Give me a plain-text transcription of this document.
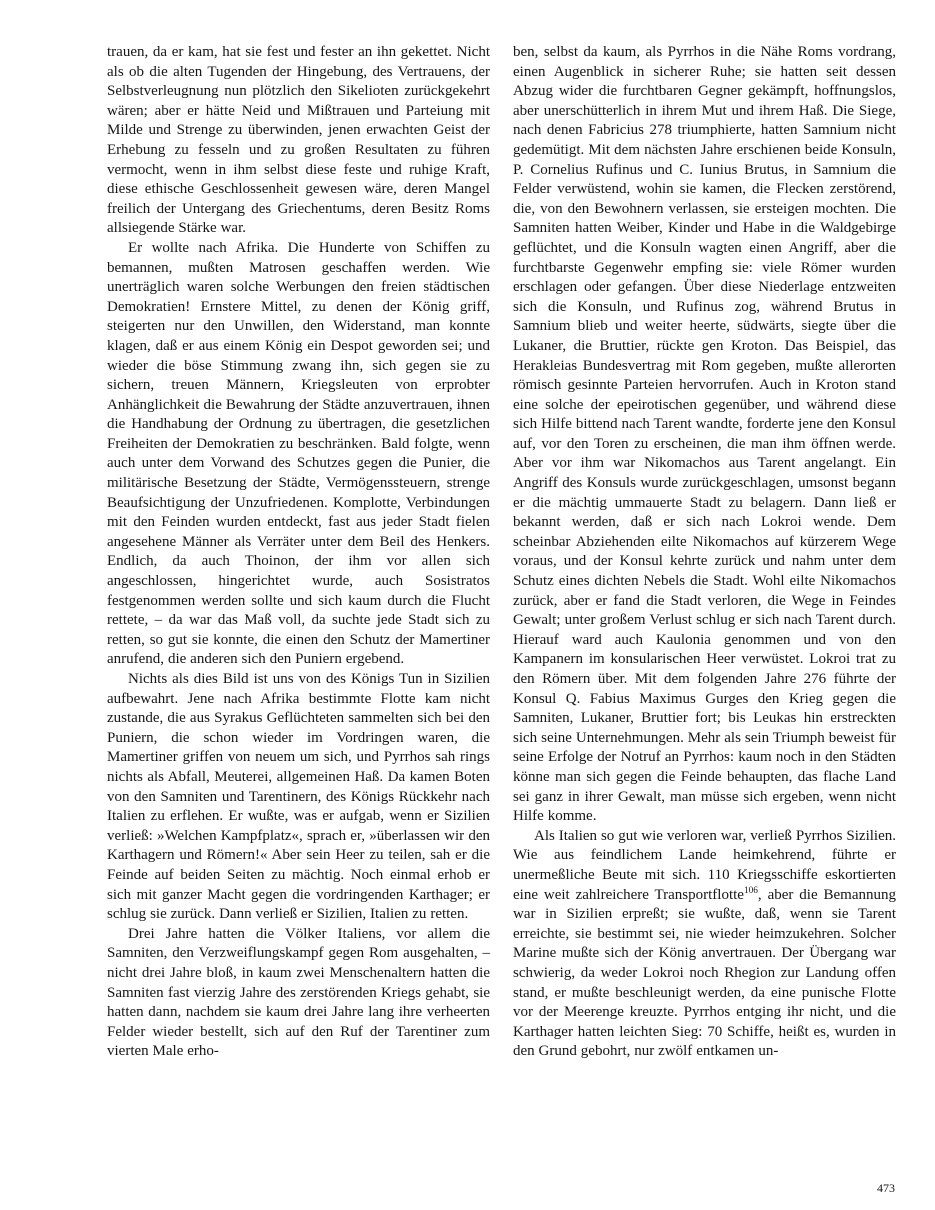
trauen, da er kam, hat sie fest und fester an ihn gekettet. Nicht als ob die alten Tugenden der Hingebung, des Vertrauens, der Selbstverleugnung nun plötzlich den Sikelioten zurückgekehrt wären; aber er hätte Neid und Mißtrauen und Parteiung mit Milde und Strenge zu überwinden, jenen erwachten Geist der Erhebung zu fesseln und zu großen Resultaten zu führen vermocht, wenn in ihm selbst diese feste und ruhige Kraft, diese ethische Geschlossenheit gewesen wäre, deren Mangel freilich der Untergang des Griechentums, deren Besitz Roms allsiegende Stärke war.

Er wollte nach Afrika. Die Hunderte von Schiffen zu bemannen, mußten Matrosen geschaffen werden. Wie unerträglich waren solche Werbungen den freien städtischen Demokratien! Ernstere Mittel, zu denen der König griff, steigerten nur den Unwillen, den Widerstand, man konnte klagen, daß er aus einem König ein Despot geworden sei; und wieder die böse Stimmung zwang ihn, sich gegen sie zu sichern, treuen Männern, Kriegsleuten von erprobter Anhänglichkeit die Bewahrung der Städte anzuvertrauen, ihnen die Handhabung der Ordnung zu übertragen, die gesetzlichen Freiheiten der Demokratien zu beschränken. Bald folgte, wenn auch unter dem Vorwand des Schutzes gegen die Punier, die militärische Besetzung der Städte, Vermögenssteuern, strenge Beaufsichtigung der Unzufriedenen. Komplotte, Verbindungen mit den Feinden wurden entdeckt, fast aus jeder Stadt fielen angesehene Männer als Verräter unter dem Beil des Henkers. Endlich, da auch Thoinon, der ihm vor allen sich angeschlossen, hingerichtet wurde, auch Sosistratos festgenommen werden sollte und sich kaum durch die Flucht rettete, – da war das Maß voll, da suchte jede Stadt sich zu retten, so gut sie konnte, die einen den Schutz der Mamertiner anrufend, die anderen sich den Puniern ergebend.

Nichts als dies Bild ist uns von des Königs Tun in Sizilien aufbewahrt. Jene nach Afrika bestimmte Flotte kam nicht zustande, die aus Syrakus Geflüchteten sammelten sich bei den Puniern, die schon wieder im Vordringen waren, die Mamertiner griffen von neuem um sich, und Pyrrhos sah rings nichts als Abfall, Meuterei, allgemeinen Haß. Da kamen Boten von den Samniten und Tarentinern, des Königs Rückkehr nach Italien zu erflehen. Er wußte, was er aufgab, wenn er Sizilien verließ: »Welchen Kampfplatz«, sprach er, »überlassen wir den Karthagern und Römern!« Aber sein Heer zu teilen, sah er die Feinde auf beiden Seiten zu mächtig. Noch einmal erhob er sich mit ganzer Macht gegen die vordringenden Karthager; er schlug sie zurück. Dann verließ er Sizilien, Italien zu retten.

Drei Jahre hatten die Völker Italiens, vor allem die Samniten, den Verzweiflungskampf gegen Rom ausgehalten, – nicht drei Jahre bloß, in kaum zwei Menschenaltern hatten die Samniten fast vierzig Jahre des zerstörenden Kriegs gehabt, sie hatten dann, nachdem sie kaum drei Jahre lang ihre verheerten Felder wieder bestellt, sich auf den Ruf der Tarentiner zum vierten Male erho-

ben, selbst da kaum, als Pyrrhos in die Nähe Roms vordrang, einen Augenblick in sicherer Ruhe; sie hatten seit dessen Abzug wider die furchtbaren Gegner gekämpft, hoffnungslos, aber unerschütterlich in ihrem Mut und ihrem Haß. Die Siege, nach denen Fabricius 278 triumphierte, hatten Samnium nicht gedemütigt. Mit dem nächsten Jahre erschienen beide Konsuln, P. Cornelius Rufinus und C. Iunius Brutus, in Samnium die Felder verwüstend, wohin sie kamen, die Flecken zerstörend, die, von den Bewohnern verlassen, sie ersteigen mochten. Die Samniten hatten Weiber, Kinder und Habe in die Waldgebirge geflüchtet, und die Konsuln wagten einen Angriff, aber die furchtbarste Gegenwehr empfing sie: viele Römer wurden erschlagen oder gefangen. Über diese Niederlage entzweiten sich die Konsuln, und Rufinus zog, während Brutus in Samnium blieb und weiter heerte, südwärts, siegte über die Lukaner, die Bruttier, rückte gen Kroton. Das Beispiel, das Herakleias Bundesvertrag mit Rom gegeben, mußte allerorten römisch gesinnte Parteien hervorrufen. Auch in Kroton stand eine solche der epeirotischen gegenüber, und während diese sich Hilfe bittend nach Tarent wandte, forderte jene den Konsul auf, vor den Toren zu erscheinen, die man ihm öffnen werde. Aber vor ihm war Nikomachos aus Tarent angelangt. Ein Angriff des Konsuls wurde zurückgeschlagen, umsonst begann er die mächtig ummauerte Stadt zu belagern. Dann ließ er bekannt werden, daß er sich nach Lokroi wende. Dem scheinbar Abziehenden eilte Nikomachos auf kürzerem Wege voraus, und der Konsul kehrte zurück und nahm unter dem Schutz eines dichten Nebels die Stadt. Wohl eilte Nikomachos zurück, aber er fand die Stadt verloren, die Wege in Feindes Gewalt; unter großem Verlust schlug er sich nach Tarent durch. Hierauf ward auch Kaulonia genommen und von den Kampanern im konsularischen Heer verwüstet. Lokroi trat zu den Römern über. Mit dem folgenden Jahre 276 führte der Konsul Q. Fabius Maximus Gurges den Krieg gegen die Samniten, Lukaner, Bruttier fort; bis Leukas hin erstreckten sich seine Unternehmungen. Mehr als sein Triumph beweist für seine Erfolge der Notruf an Pyrrhos: kaum noch in den Städten könne man sich gegen die Feinde behaupten, das flache Land sei ganz in ihrer Gewalt, man müsse sich ergeben, wenn nicht Hilfe komme.

Als Italien so gut wie verloren war, verließ Pyrrhos Sizilien. Wie aus feindlichem Lande heimkehrend, führte er unermeßliche Beute mit sich. 110 Kriegsschiffe eskortierten eine weit zahlreichere Transportflotte$^{106}$, aber die Bemannung war in Sizilien erpreßt; sie wußte, daß, wenn sie Tarent erreichte, sie bestimmt sei, nie wieder heimzukehren. Solcher Marine mußte sich der König anvertrauen. Der Übergang war schwierig, da weder Lokroi noch Rhegion zur Landung offen stand, er mußte beschleunigt werden, da eine punische Flotte vor der Meerenge kreuzte. Pyrrhos entging ihr nicht, und die Karthager hatten leichten Sieg: 70 Schiffe, heißt es, wurden in den Grund gebohrt, nur zwölf entkamen un-

473
